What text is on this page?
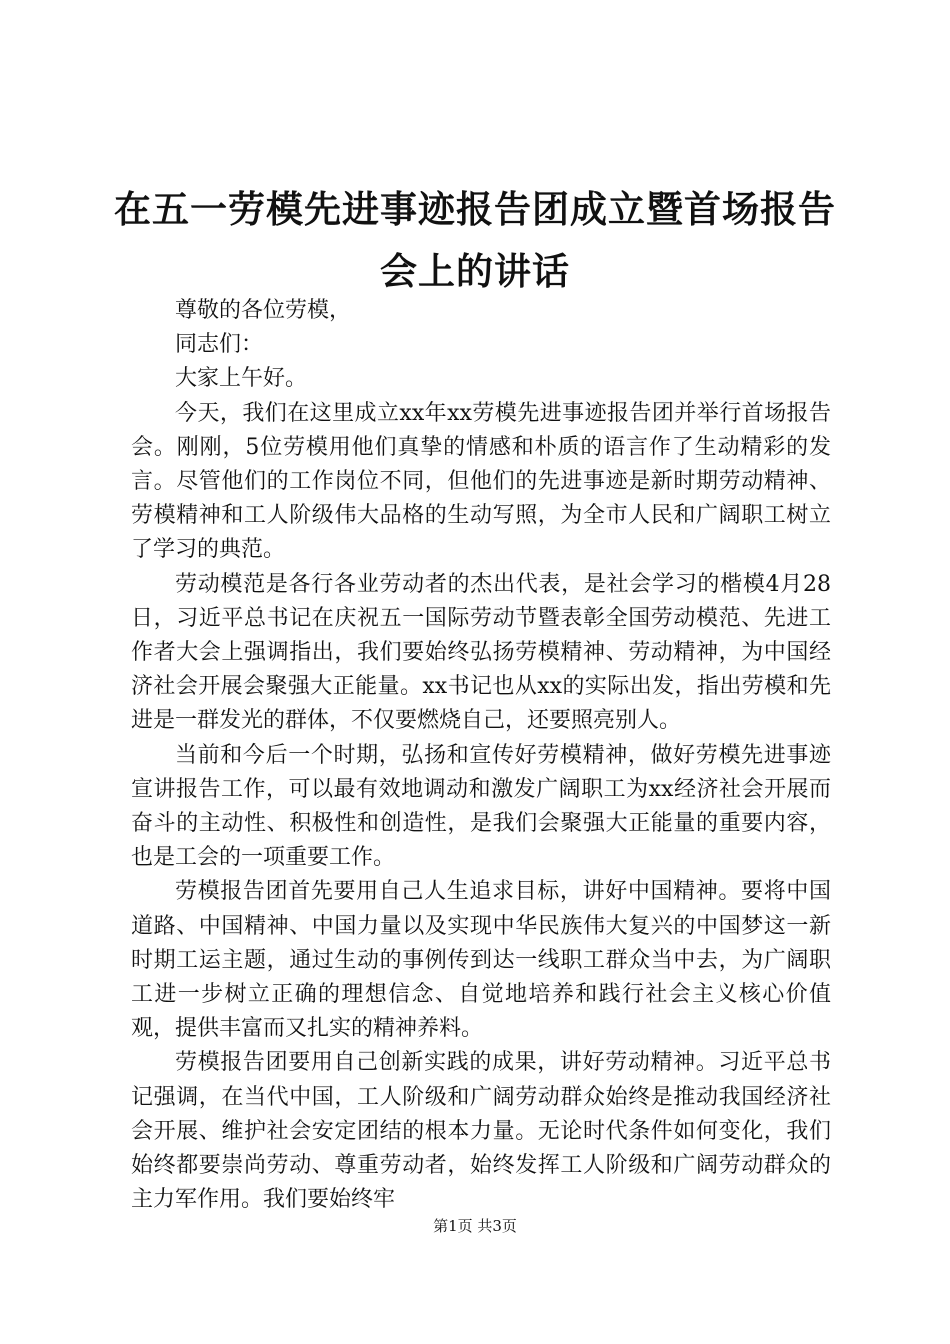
在五一劳模先进事迹报告团成立暨首场报告会上的讲话

尊敬的各位劳模，

同志们：

大家上午好。

今天，我们在这里成立xx年xx劳模先进事迹报告团并举行首场报告会。刚刚，5位劳模用他们真挚的情感和朴质的语言作了生动精彩的发言。尽管他们的工作岗位不同，但他们的先进事迹是新时期劳动精神、劳模精神和工人阶级伟大品格的生动写照，为全市人民和广阔职工树立了学习的典范。

劳动模范是各行各业劳动者的杰出代表，是社会学习的楷模4月28日，习近平总书记在庆祝五一国际劳动节暨表彰全国劳动模范、先进工作者大会上强调指出，我们要始终弘扬劳模精神、劳动精神，为中国经济社会开展会聚强大正能量。xx书记也从xx的实际出发，指出劳模和先进是一群发光的群体，不仅要燃烧自己，还要照亮别人。

当前和今后一个时期，弘扬和宣传好劳模精神，做好劳模先进事迹宣讲报告工作，可以最有效地调动和激发广阔职工为xx经济社会开展而奋斗的主动性、积极性和创造性，是我们会聚强大正能量的重要内容，也是工会的一项重要工作。

劳模报告团首先要用自己人生追求目标，讲好中国精神。要将中国道路、中国精神、中国力量以及实现中华民族伟大复兴的中国梦这一新时期工运主题，通过生动的事例传到达一线职工群众当中去，为广阔职工进一步树立正确的理想信念、自觉地培养和践行社会主义核心价值观，提供丰富而又扎实的精神养料。

劳模报告团要用自己创新实践的成果，讲好劳动精神。习近平总书记强调，在当代中国，工人阶级和广阔劳动群众始终是推动我国经济社会开展、维护社会安定团结的根本力量。无论时代条件如何变化，我们始终都要崇尚劳动、尊重劳动者，始终发挥工人阶级和广阔劳动群众的主力军作用。我们要始终牢

第1页 共3页
